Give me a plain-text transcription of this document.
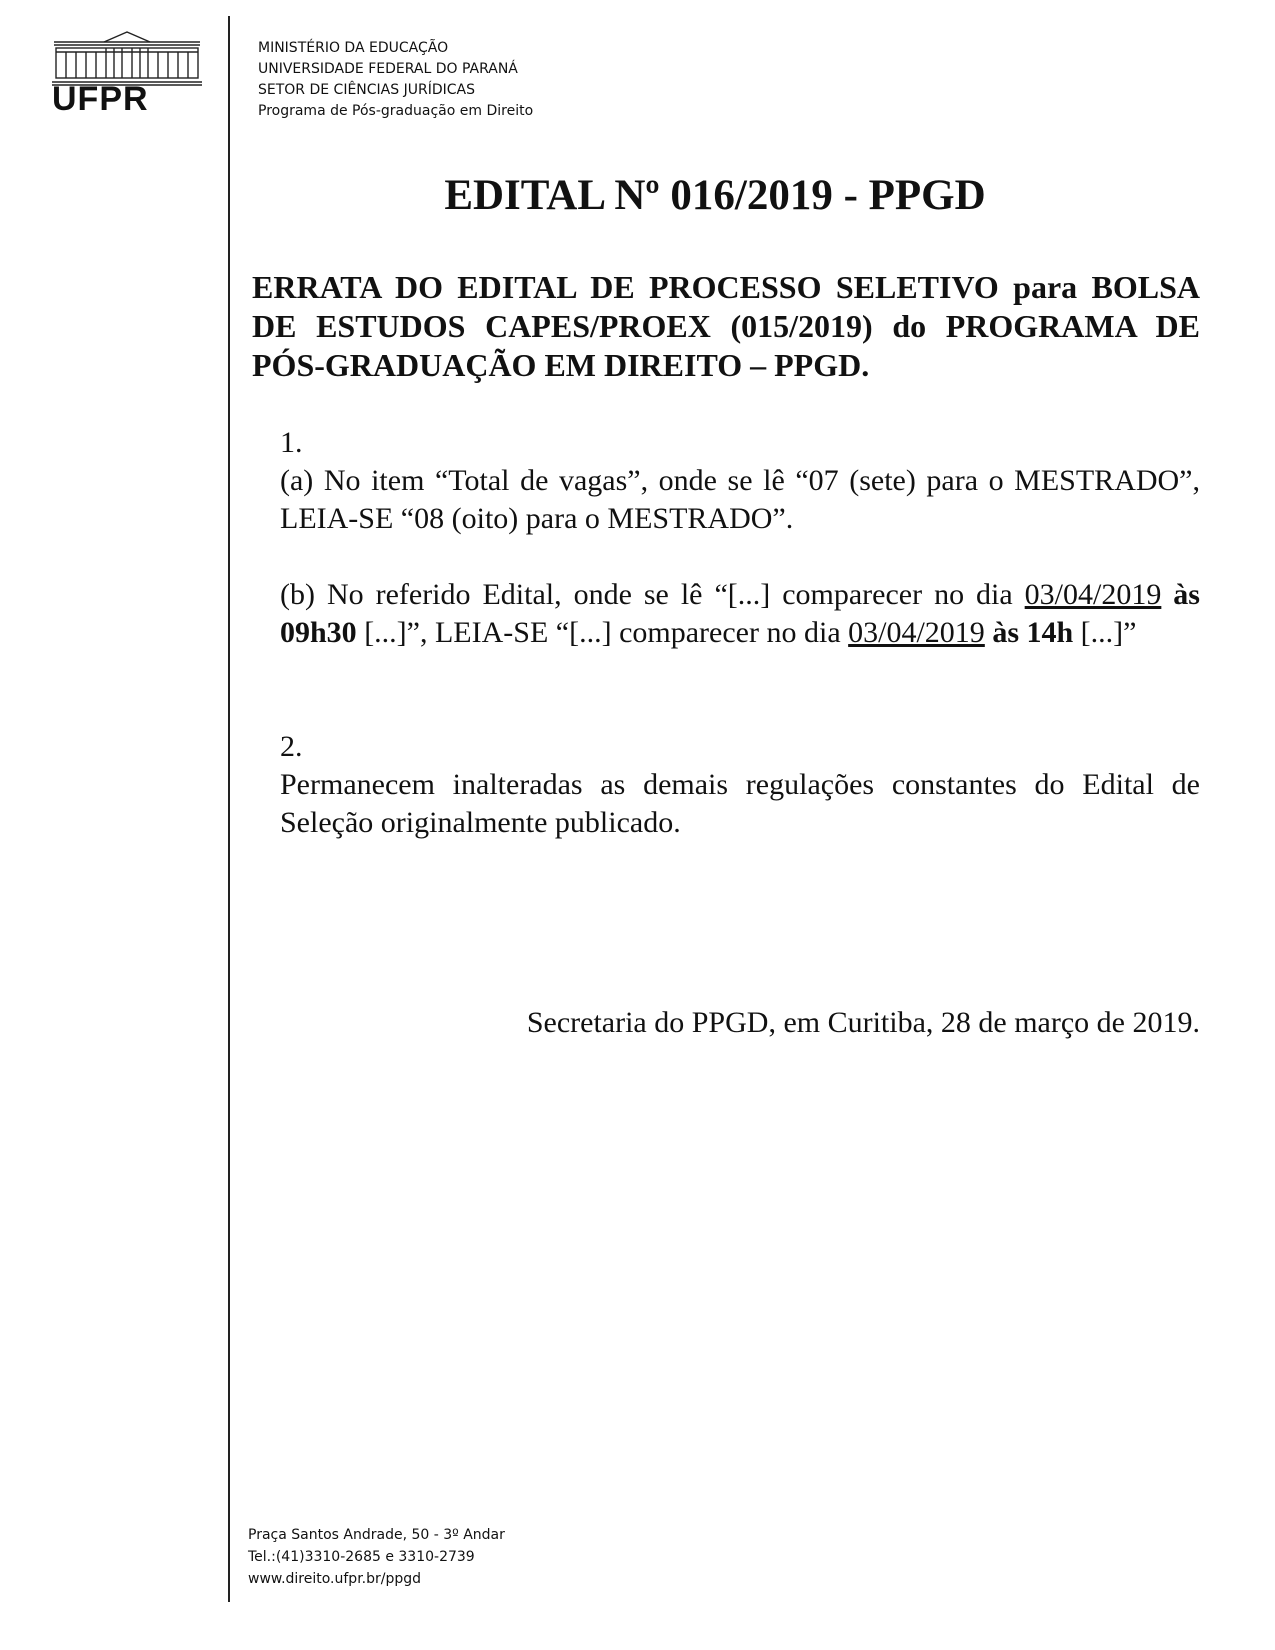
UFPR
MINISTÉRIO DA EDUCAÇÃO
UNIVERSIDADE FEDERAL DO PARANÁ
SETOR DE CIÊNCIAS JURÍDICAS
Programa de Pós-graduação em Direito
EDITAL Nº 016/2019 - PPGD
ERRATA DO EDITAL DE PROCESSO SELETIVO para BOLSA DE ESTUDOS CAPES/PROEX (015/2019) do PROGRAMA DE PÓS-GRADUAÇÃO EM DIREITO – PPGD.
1.
(a) No item “Total de vagas”, onde se lê “07 (sete) para o MESTRADO”, LEIA-SE “08 (oito) para o MESTRADO”.
(b) No referido Edital, onde se lê “[...] comparecer no dia 03/04/2019 às 09h30 [...]”, LEIA-SE “[...] comparecer no dia 03/04/2019 às 14h [...]”
2.
Permanecem inalteradas as demais regulações constantes do Edital de Seleção originalmente publicado.
Secretaria do PPGD, em Curitiba, 28 de março de 2019.
Praça Santos Andrade, 50 - 3º Andar
Tel.:(41)3310-2685 e 3310-2739
www.direito.ufpr.br/ppgd
